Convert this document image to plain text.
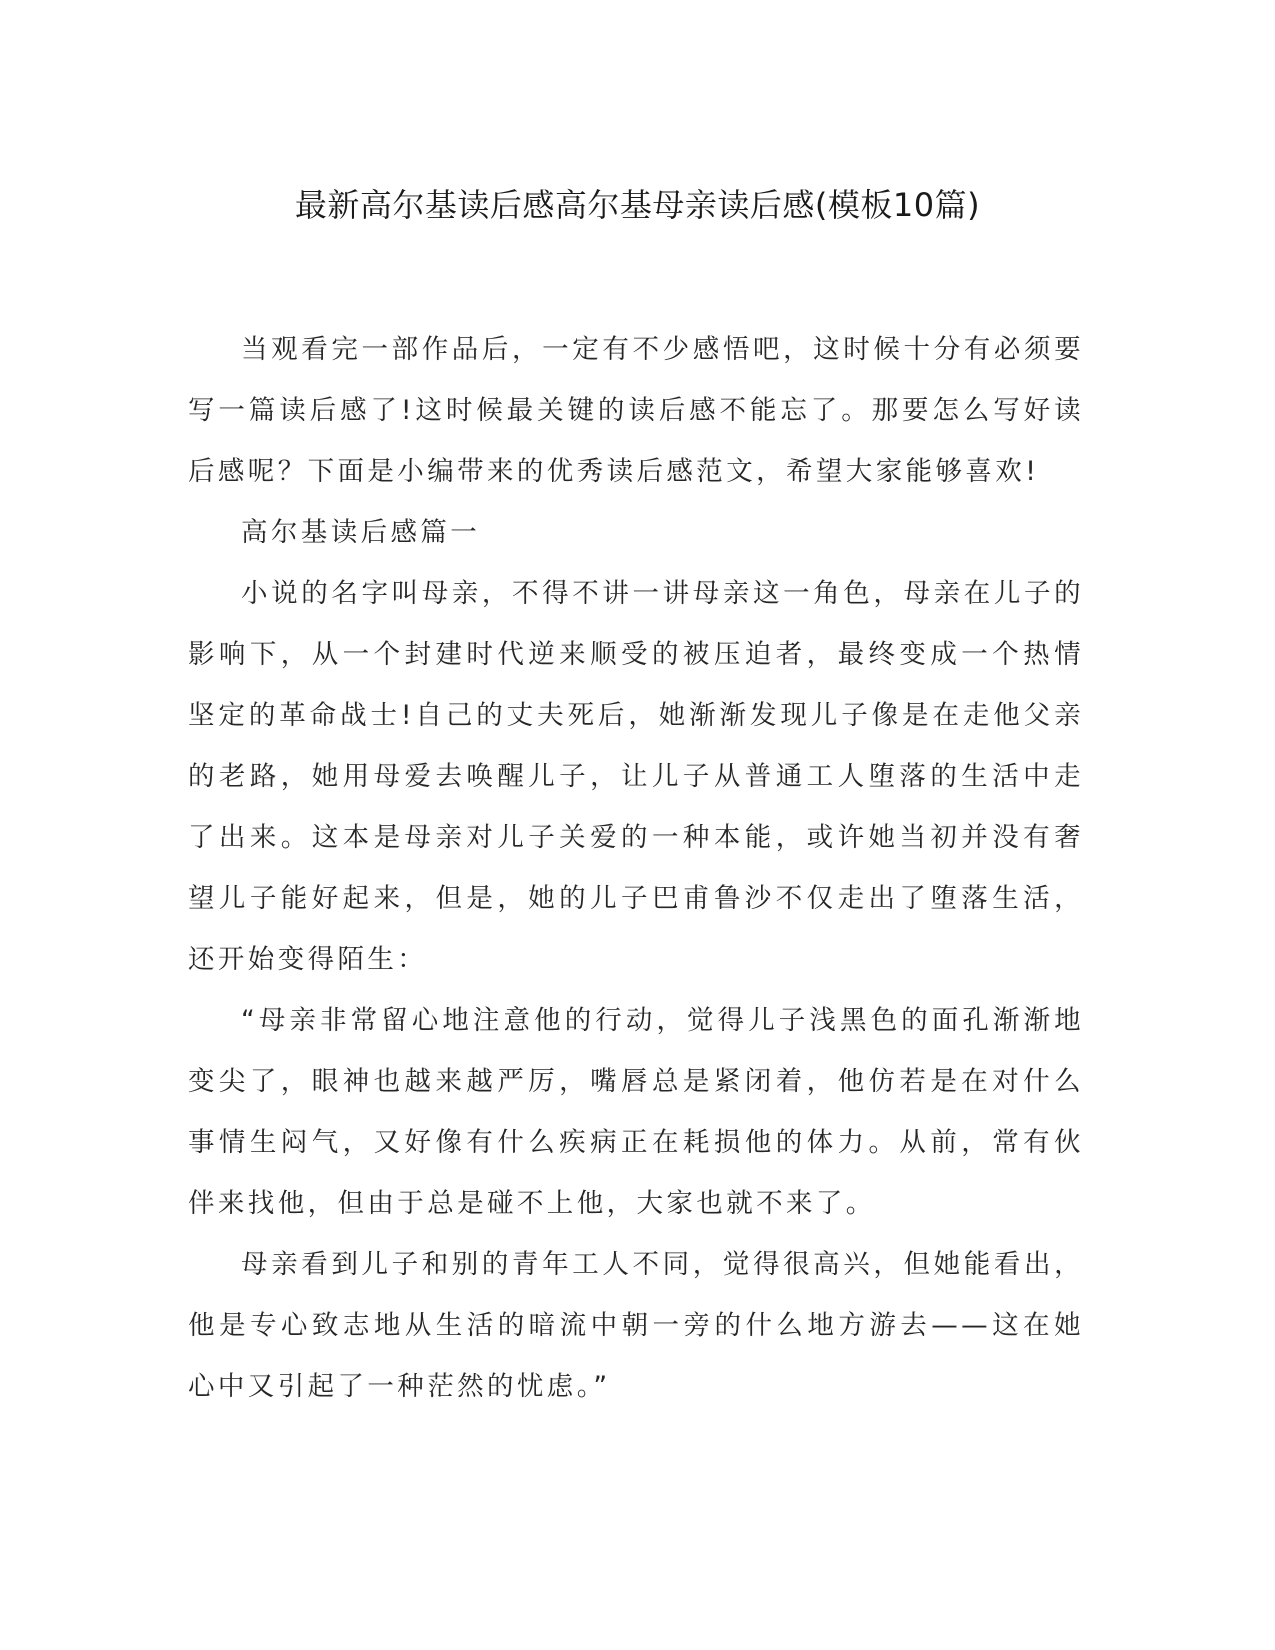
最新高尔基读后感高尔基母亲读后感(模板10篇)

当观看完一部作品后，一定有不少感悟吧，这时候十分有必须要写一篇读后感了!这时候最关键的读后感不能忘了。那要怎么写好读后感呢？下面是小编带来的优秀读后感范文，希望大家能够喜欢!

高尔基读后感篇一

小说的名字叫母亲，不得不讲一讲母亲这一角色，母亲在儿子的影响下，从一个封建时代逆来顺受的被压迫者，最终变成一个热情坚定的革命战士!自己的丈夫死后，她渐渐发现儿子像是在走他父亲的老路，她用母爱去唤醒儿子，让儿子从普通工人堕落的生活中走了出来。这本是母亲对儿子关爱的一种本能，或许她当初并没有奢望儿子能好起来，但是，她的儿子巴甫鲁沙不仅走出了堕落生活，还开始变得陌生：

“母亲非常留心地注意他的行动，觉得儿子浅黑色的面孔渐渐地变尖了，眼神也越来越严厉，嘴唇总是紧闭着，他仿若是在对什么事情生闷气，又好像有什么疾病正在耗损他的体力。从前，常有伙伴来找他，但由于总是碰不上他，大家也就不来了。

母亲看到儿子和别的青年工人不同，觉得很高兴，但她能看出，他是专心致志地从生活的暗流中朝一旁的什么地方游去——这在她心中又引起了一种茫然的忧虑。”
